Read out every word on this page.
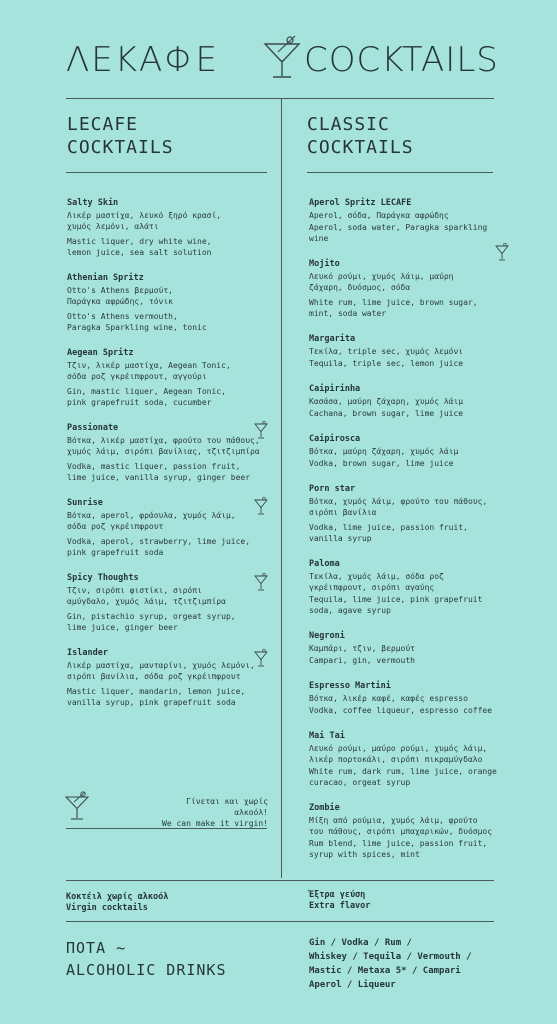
ΛΕΚΑΦΕ COCKTAILS
LECAFE
COCKTAILS
CLASSIC
COCKTAILS
Salty Skin
Λικέρ μαστίχα, λευκό ξηρό κρασί,
χυμός λεμόνι, αλάτι
Mastic liquer, dry white wine,
lemon juice, sea salt solution
Athenian Spritz
Otto's Athens βερμούτ,
Παράγκα αφρώδης, τόνικ
Otto's Athens vermouth,
Paragka Sparkling wine, tonic
Aegean Spritz
Τζιν, λικέρ μαστίχα, Aegean Tonic,
σόδα ροζ γκρέιπφρουτ, αγγούρι
Gin, mastic liquer, Aegean Tonic,
pink grapefruit soda, cucumber
Passionate
Βότκα, λικέρ μαστίχα, φρούτο του πάθους,
χυμός λάιμ, σιρόπι βανίλιας, τζιτζιμπίρα
Vodka, mastic liquer, passion fruit,
lime juice, vanilla syrup, ginger beer
Sunrise
Βότκα, aperol, φράουλα, χυμός λάιμ,
σόδα ροζ γκρέιπφρουτ
Vodka, aperol, strawberry, lime juice,
pink grapefruit soda
Spicy Thoughts
Τζιν, σιρόπι φιστίκι, σιρόπι
αμύγδαλο, χυμός λάιμ, τζιτζιμπίρα
Gin, pistachio syrup, orgeat syrup,
lime juice, ginger beer
Islander
Λικέρ μαστίχα, μανταρίνι, χυμός λεμόνι,
σιρόπι βανίλια, σόδα ροζ γκρέιπφρουτ
Mastic liquer, mandarin, lemon juice,
vanilla syrup, pink grapefruit soda
Γίνεται και χωρίς αλκοόλ!
We can make it virgin!
Aperol Spritz LECAFE
Aperol, σόδα, Παράγκα αφρώδης
Aperol, soda water, Paragka sparkling wine
Mojito
Λευκό ρούμι, χυμός λάιμ, μαύρη
ζάχαρη, δυόσμος, σόδα
White rum, lime juice, brown sugar,
mint, soda water
Margarita
Τεκίλα, triple sec, χυμός λεμόνι
Tequila, triple sec, lemon juice
Caipirinha
Κασάσα, μαύρη ζάχαρη, χυμός λάιμ
Cachana, brown sugar, lime juice
Caipirosca
Βότκα, μαύρη ζάχαρη, χυμός λάιμ
Vodka, brown sugar, lime juice
Porn star
Βότκα, χυμός λάιμ, φρούτο του πάθους,
σιρόπι βανίλια
Vodka, lime juice, passion fruit,
vanilla syrup
Paloma
Τεκίλα, χυμός λάιμ, σόδα ροζ
γκρέιπφρουτ, σιρόπι αγαύης
Tequila, lime juice, pink grapefruit
soda, agave syrup
Negroni
Καμπάρι, τζιν, βερμούτ
Campari, gin, vermouth
Espresso Martini
Βότκα, λικέρ καφέ, καφές espresso
Vodka, coffee liqueur, espresso coffee
Mai Tai
Λευκό ρούμι, μαύρο ρούμι, χυμός λάιμ,
λικέρ πορτοκάλι, σιρόπι πικραμύγδαλο
White rum, dark rum, lime juice, orange
curacao, orgeat syrup
Zombie
Μίξη από ρούμια, χυμός λάιμ, φρούτο
του πάθους, σιρόπι μπαχαρικών, δυόσμος
Rum blend, lime juice, passion fruit,
syrup with spices, mint
Κοκτέιλ χωρίς αλκοόλ
Virgin cocktails
Έξτρα γεύση
Extra flavor
ΠΟΤΑ ~
ALCOHOLIC DRINKS
Gin / Vodka / Rum /
Whiskey / Tequila / Vermouth /
Mastic / Metaxa 5* / Campari
Aperol / Liqueur
